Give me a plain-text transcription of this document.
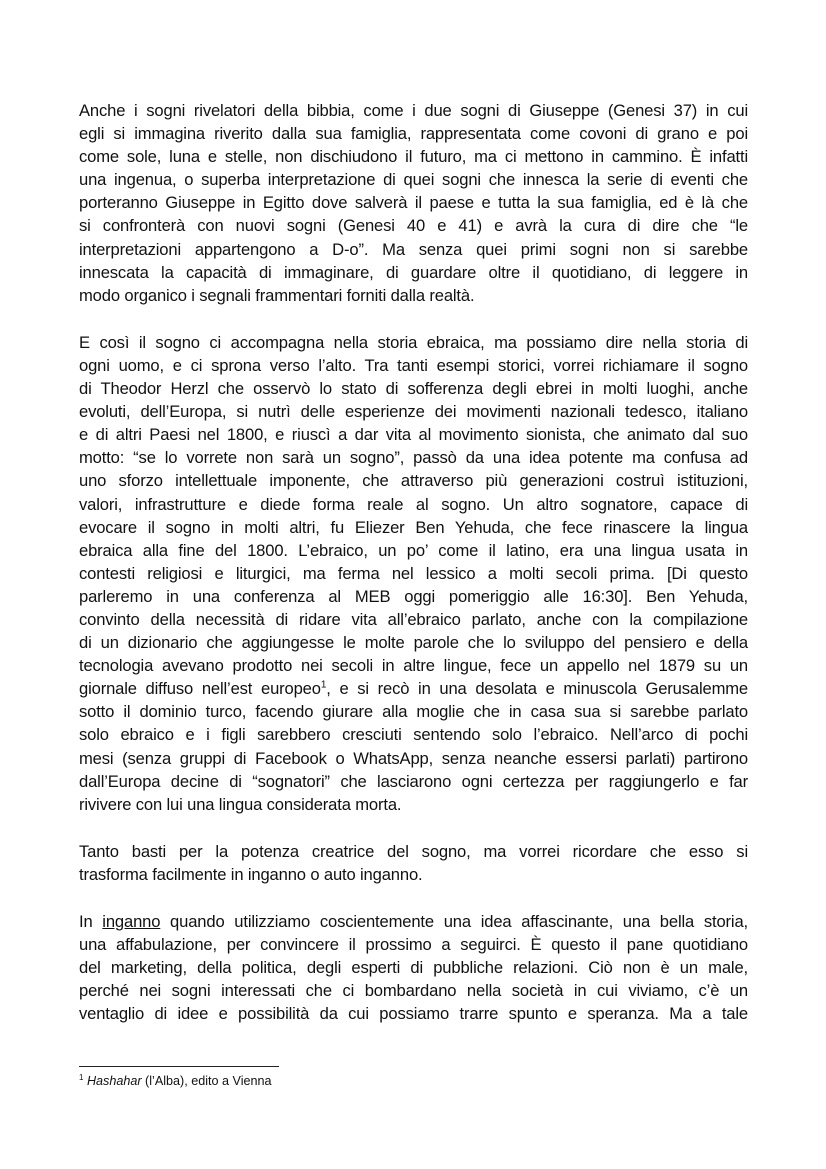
Anche i sogni rivelatori della bibbia, come i due sogni di Giuseppe (Genesi 37) in cui
egli si immagina riverito dalla sua famiglia, rappresentata come covoni di grano e poi
come sole, luna e stelle, non dischiudono il futuro, ma ci mettono in cammino. È infatti
una ingenua, o superba interpretazione di quei sogni che innesca la serie di eventi che
porteranno Giuseppe in Egitto dove salverà il paese e tutta la sua famiglia, ed è là che
si confronterà con nuovi sogni (Genesi 40 e 41) e avrà la cura di dire che “le
interpretazioni appartengono a D-o”. Ma senza quei primi sogni non si sarebbe
innescata la capacità di immaginare, di guardare oltre il quotidiano, di leggere in
modo organico i segnali frammentari forniti dalla realtà.

E così il sogno ci accompagna nella storia ebraica, ma possiamo dire nella storia di
ogni uomo, e ci sprona verso l’alto. Tra tanti esempi storici, vorrei richiamare il sogno
di Theodor Herzl che osservò lo stato di sofferenza degli ebrei in molti luoghi, anche
evoluti, dell’Europa, si nutrì delle esperienze dei movimenti nazionali tedesco, italiano
e di altri Paesi nel 1800, e riuscì a dar vita al movimento sionista, che animato dal suo
motto: “se lo vorrete non sarà un sogno”, passò da una idea potente ma confusa ad
uno sforzo intellettuale imponente, che attraverso più generazioni costruì istituzioni,
valori, infrastrutture e diede forma reale al sogno. Un altro sognatore, capace di
evocare il sogno in molti altri, fu Eliezer Ben Yehuda, che fece rinascere la lingua
ebraica alla fine del 1800. L’ebraico, un po’ come il latino, era una lingua usata in
contesti religiosi e liturgici, ma ferma nel lessico a molti secoli prima. [Di questo
parleremo in una conferenza al MEB oggi pomeriggio alle 16:30]. Ben Yehuda,
convinto della necessità di ridare vita all’ebraico parlato, anche con la compilazione
di un dizionario che aggiungesse le molte parole che lo sviluppo del pensiero e della
tecnologia avevano prodotto nei secoli in altre lingue, fece un appello nel 1879 su un
giornale diffuso nell’est europeo$^1$, e si recò in una desolata e minuscola Gerusalemme
sotto il dominio turco, facendo giurare alla moglie che in casa sua si sarebbe parlato
solo ebraico e i figli sarebbero cresciuti sentendo solo l’ebraico. Nell’arco di pochi
mesi (senza gruppi di Facebook o WhatsApp, senza neanche essersi parlati) partirono
dall’Europa decine di “sognatori” che lasciarono ogni certezza per raggiungerlo e far
rivivere con lui una lingua considerata morta.

Tanto basti per la potenza creatrice del sogno, ma vorrei ricordare che esso si
trasforma facilmente in inganno o auto inganno.

In inganno quando utilizziamo coscientemente una idea affascinante, una bella storia,
una affabulazione, per convincere il prossimo a seguirci. È questo il pane quotidiano
del marketing, della politica, degli esperti di pubbliche relazioni. Ciò non è un male,
perché nei sogni interessati che ci bombardano nella società in cui viviamo, c’è un
ventaglio di idee e possibilità da cui possiamo trarre spunto e speranza. Ma a tale

$^1$ Hashahar (l’Alba), edito a Vienna
